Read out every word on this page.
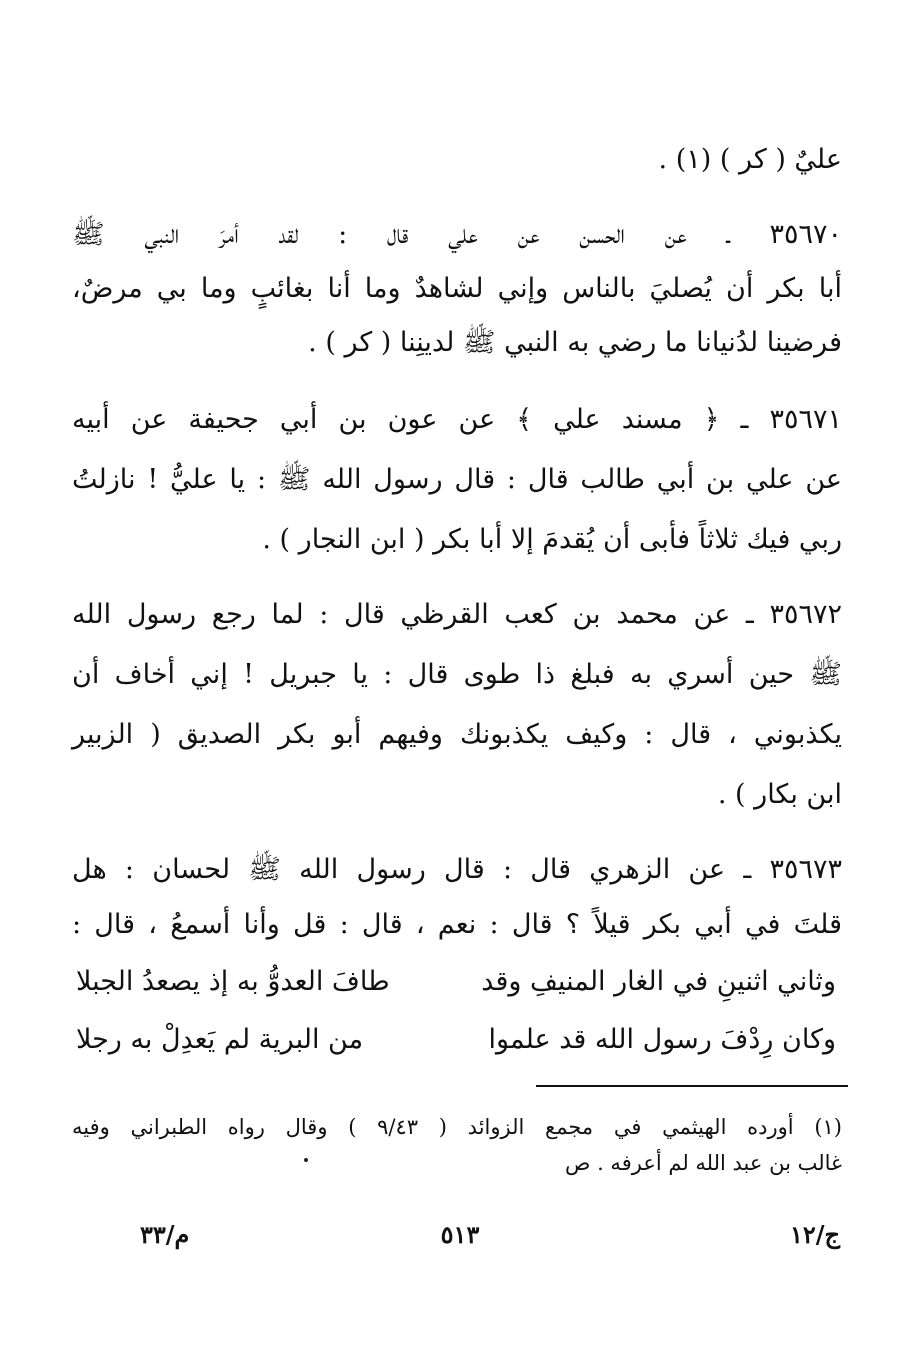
عليٌ ( كر ) (١) .
٣٥٦٧٠ ـ عن الحسن عن علي قال : لقد أمرَ النبي ﷺ
أبا بكر أن يُصليَ بالناس وإني لشاهدٌ وما أنا بغائبٍ وما بي مرضٌ،
فرضينا لدُنيانا ما رضي به النبي ﷺ لدينِنا ( كر ) .
٣٥٦٧١ ـ ﴿ مسند علي ﴾ عن عون بن أبي جحيفة عن أبيه
عن علي بن أبي طالب قال : قال رسول الله ﷺ : يا عليُّ ! نازلتُ
ربي فيك ثلاثاً فأبى أن يُقدمَ إلا أبا بكر ( ابن النجار ) .
٣٥٦٧٢ ـ عن محمد بن كعب القرظي قال : لما رجع رسول الله
ﷺ حين أسري به فبلغ ذا طوى قال : يا جبريل ! إني أخاف أن
يكذبوني ، قال : وكيف يكذبونك وفيهم أبو بكر الصديق ( الزبير
ابن بكار ) .
٣٥٦٧٣ ـ عن الزهري قال : قال رسول الله ﷺ لحسان : هل
قلتَ في أبي بكر قيلاً ؟ قال : نعم ، قال : قل وأنا أسمعُ ، قال :
وثاني اثنينِ في الغار المنيفِ وقد
طافَ العدوُّ به إذ يصعدُ الجبلا
وكان رِدْفَ رسول الله قد علموا
من البرية لم يَعدِلْ به رجلا
(١) أورده الهيثمي في مجمع الزوائد ( ٩/٤٣ ) وقال رواه الطبراني وفيه
غالب بن عبد الله لم أعرفه . ص
ج/١٢
٥١٣
م/٣٣
